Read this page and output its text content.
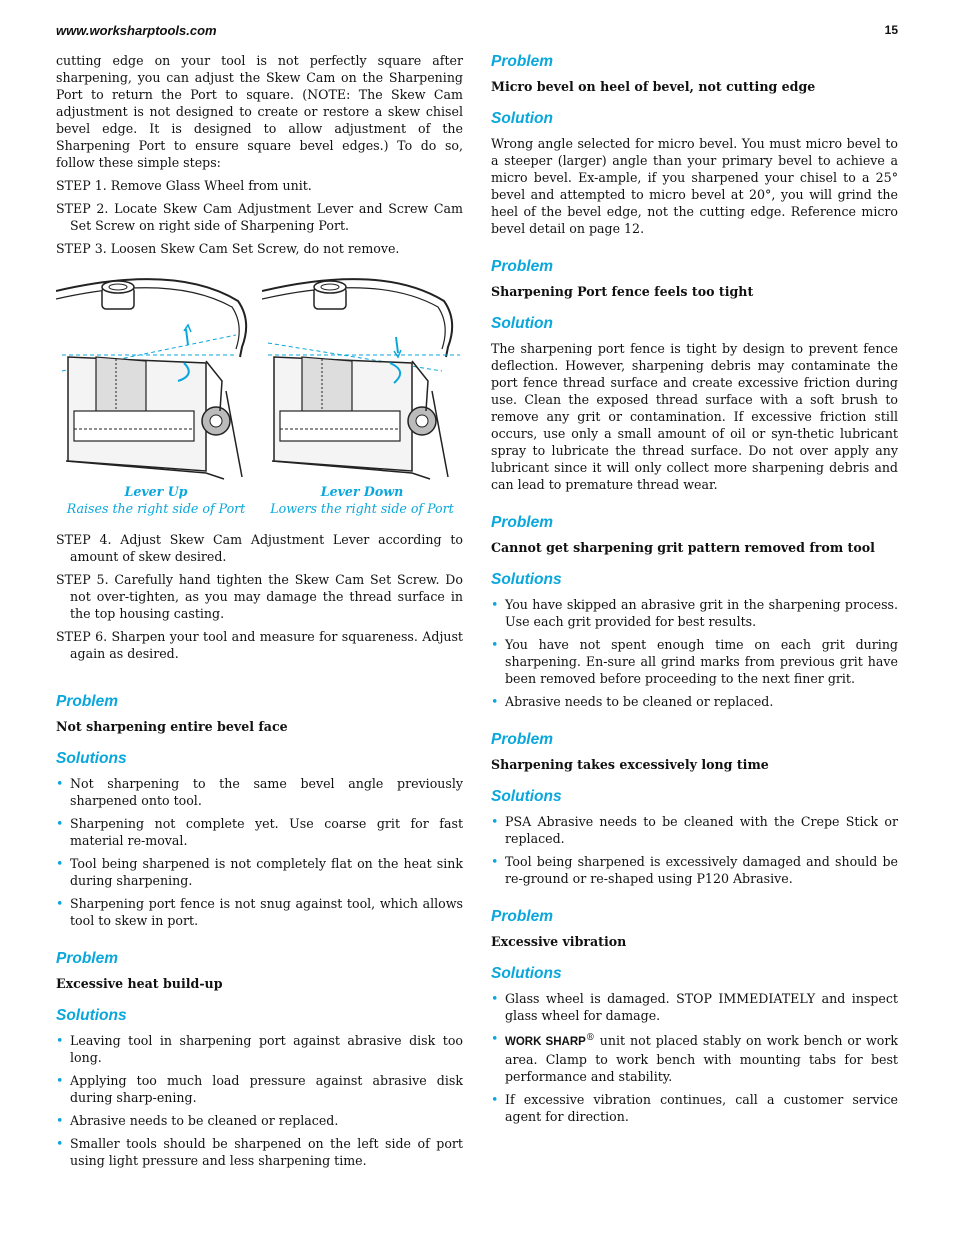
www.worksharptools.com	15

cutting edge on your tool is not perfectly square after sharpening, you can adjust the Skew Cam on the Sharpening Port to return the Port to square. (NOTE: The Skew Cam adjustment is not designed to create or restore a skew chisel bevel edge. It is designed to allow adjustment of the Sharpening Port to ensure square bevel edges.) To do so, follow these simple steps:

STEP 1. Remove Glass Wheel from unit.

STEP 2. Locate Skew Cam Adjustment Lever and Screw Cam Set Screw on right side of Sharpening Port.

STEP 3. Loosen Skew Cam Set Screw, do not remove.

Lever Up
Raises the right side of Port
Lever Down
Lowers the right side of Port

STEP 4. Adjust Skew Cam Adjustment Lever according to amount of skew desired.

STEP 5. Carefully hand tighten the Skew Cam Set Screw. Do not over-tighten, as you may damage the thread surface in the top housing casting.

STEP 6. Sharpen your tool and measure for squareness. Adjust again as desired.

Problem
Not sharpening entire bevel face
Solutions
• Not sharpening to the same bevel angle previously sharpened onto tool.
• Sharpening not complete yet. Use coarse grit for fast material re-moval.
• Tool being sharpened is not completely flat on the heat sink during sharpening.
• Sharpening port fence is not snug against tool, which allows tool to skew in port.
Problem
Excessive heat build-up
Solutions
• Leaving tool in sharpening port against abrasive disk too long.
• Applying too much load pressure against abrasive disk during sharp-ening.
• Abrasive needs to be cleaned or replaced.
• Smaller tools should be sharpened on the left side of port using light pressure and less sharpening time.
Problem
Micro bevel on heel of bevel, not cutting edge
Solution

Wrong angle selected for micro bevel. You must micro bevel to a steeper (larger) angle than your primary bevel to achieve a micro bevel. Ex-ample, if you sharpened your chisel to a 25° bevel and attempted to micro bevel at 20°, you will grind the heel of the bevel edge, not the cutting edge. Reference micro bevel detail on page 12.

Problem
Sharpening Port fence feels too tight
Solution

The sharpening port fence is tight by design to prevent fence deflection. However, sharpening debris may contaminate the port fence thread surface and create excessive friction during use. Clean the exposed thread surface with a soft brush to remove any grit or contamination. If excessive friction still occurs, use only a small amount of oil or syn-thetic lubricant spray to lubricate the thread surface. Do not over apply any lubricant since it will only collect more sharpening debris and can lead to premature thread wear.

Problem
Cannot get sharpening grit pattern removed from tool
Solutions
• You have skipped an abrasive grit in the sharpening process. Use each grit provided for best results.
• You have not spent enough time on each grit during sharpening. En-sure all grind marks from previous grit have been removed before proceeding to the next finer grit.
• Abrasive needs to be cleaned or replaced.
Problem
Sharpening takes excessively long time
Solutions
• PSA Abrasive needs to be cleaned with the Crepe Stick or replaced.
• Tool being sharpened is excessively damaged and should be re-ground or re-shaped using P120 Abrasive.
Problem
Excessive vibration
Solutions
• Glass wheel is damaged. STOP IMMEDIATELY and inspect glass wheel for damage.
• WORK SHARP® unit not placed stably on work bench or work area. Clamp to work bench with mounting tabs for best performance and stability.
• If excessive vibration continues, call a customer service agent for direction.
